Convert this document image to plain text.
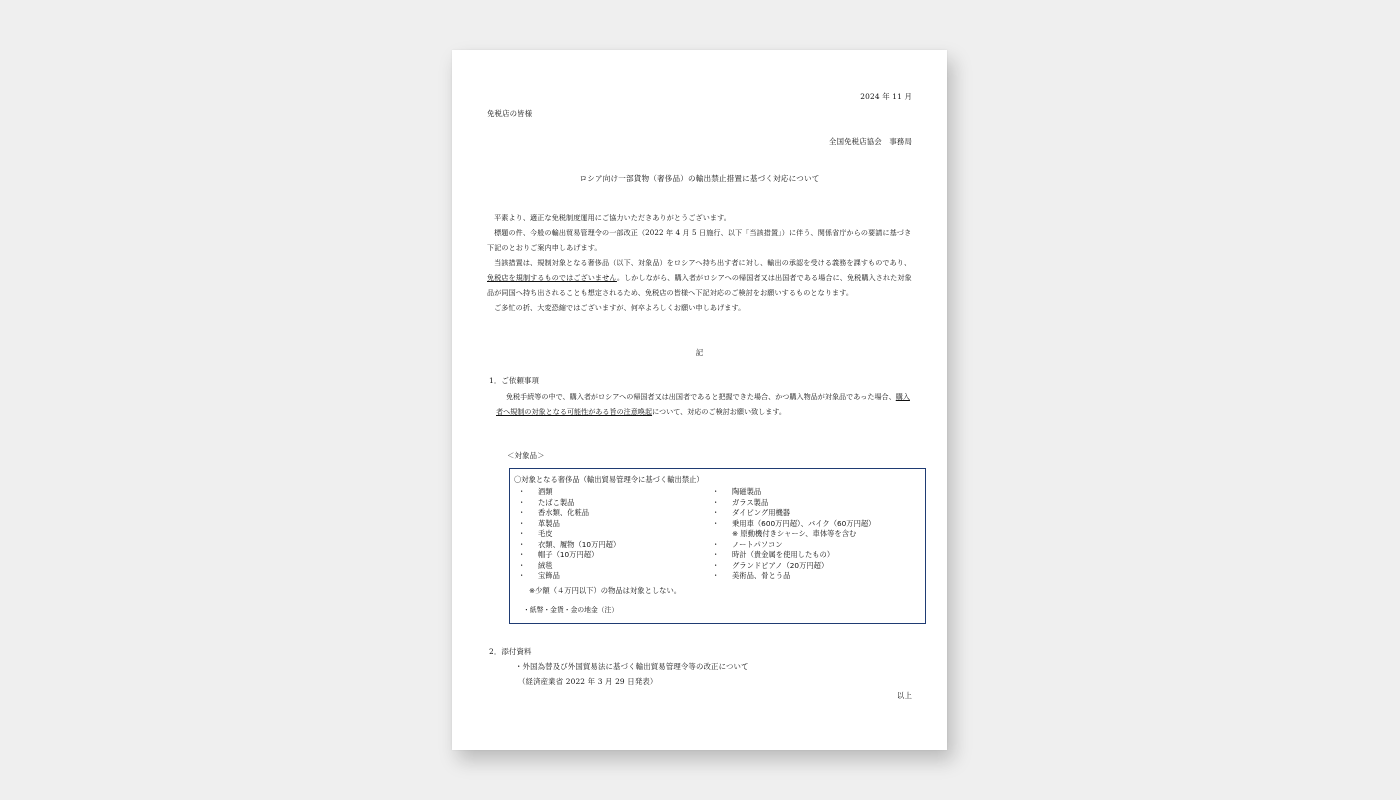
2024 年 11 月
免税店の皆様
全国免税店協会　事務局
ロシア向け一部貨物（奢侈品）の輸出禁止措置に基づく対応について

平素より、適正な免税制度運用にご協力いただきありがとうございます。

標題の件、今般の輸出貿易管理令の一部改正（2022 年 4 月 5 日施行、以下「当該措置」）に伴う、関係省庁からの要請に基づき下記のとおりご案内申しあげます。

当該措置は、規制対象となる奢侈品（以下、対象品）をロシアへ持ち出す者に対し、輸出の承認を受ける義務を課すものであり、免税店を規制するものではございません。しかしながら、購入者がロシアへの帰国者又は出国者である場合に、免税購入された対象品が同国へ持ち出されることも想定されるため、免税店の皆様へ下記対応のご検討をお願いするものとなります。

ご多忙の折、大変恐縮ではございますが、何卒よろしくお願い申しあげます。

記
1．ご依頼事項

免税手続等の中で、購入者がロシアへの帰国者又は出国者であると把握できた場合、かつ購入物品が対象品であった場合、購入者へ規制の対象となる可能性がある旨の注意喚起について、対応のご検討お願い致します。

＜対象品＞
〇対象となる奢侈品（輸出貿易管理令に基づく輸出禁止）
・ 酒類
・ たばこ製品
・ 香水類、化粧品
・ 革製品
・ 毛皮
・ 衣類、履物（10万円超）
・ 帽子（10万円超）
・ 絨毯
・ 宝飾品
・ 陶磁製品
・ ガラス製品
・ ダイビング用機器
・ 乗用車（600万円超）、バイク（60万円超）
※ 原動機付きシャーシ、車体等を含む
・ ノートパソコン
・ 時計（貴金属を使用したもの）
・ グランドピアノ（20万円超）
・ 美術品、骨とう品
※少額（４万円以下）の物品は対象としない。
・紙幣・金貨・金の地金（注）
2．添付資料
・外国為替及び外国貿易法に基づく輸出貿易管理令等の改正について
（経済産業省 2022 年 3 月 29 日発表）
以上
